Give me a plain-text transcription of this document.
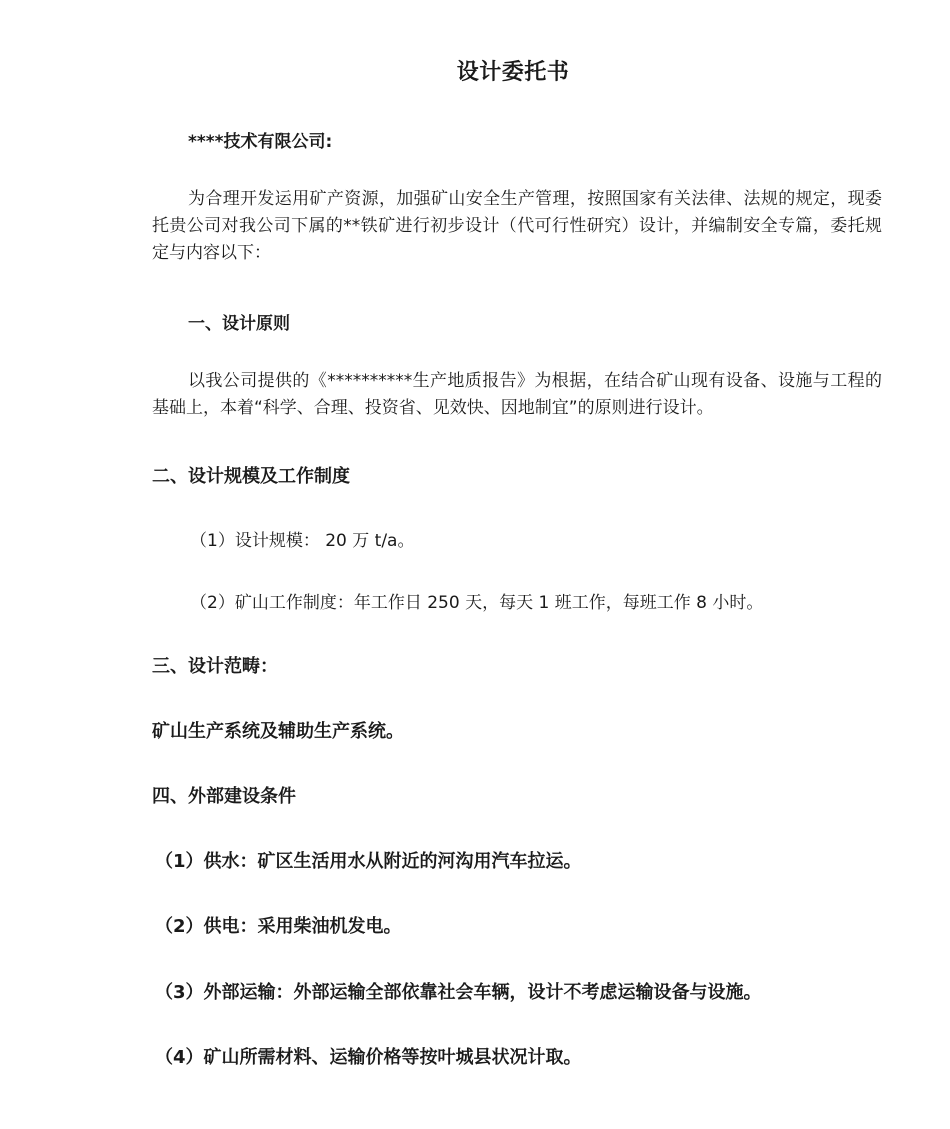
设计委托书
****技术有限公司:
为合理开发运用矿产资源，加强矿山安全生产管理，按照国家有关法律、法规的规定，现委托贵公司对我公司下属的**铁矿进行初步设计（代可行性研究）设计，并编制安全专篇，委托规定与内容以下：
一、设计原则
以我公司提供的《**********生产地质报告》为根据，在结合矿山现有设备、设施与工程的基础上，本着“科学、合理、投资省、见效快、因地制宜”的原则进行设计。
二、设计规模及工作制度
（1）设计规模： 20 万 t/a。
（2）矿山工作制度：年工作日 250 天，每天 1 班工作，每班工作 8 小时。
三、设计范畴：
矿山生产系统及辅助生产系统。
四、外部建设条件
（1）供水：矿区生活用水从附近的河沟用汽车拉运。
（2）供电：采用柴油机发电。
（3）外部运输：外部运输全部依靠社会车辆，设计不考虑运输设备与设施。
（4）矿山所需材料、运输价格等按叶城县状况计取。
